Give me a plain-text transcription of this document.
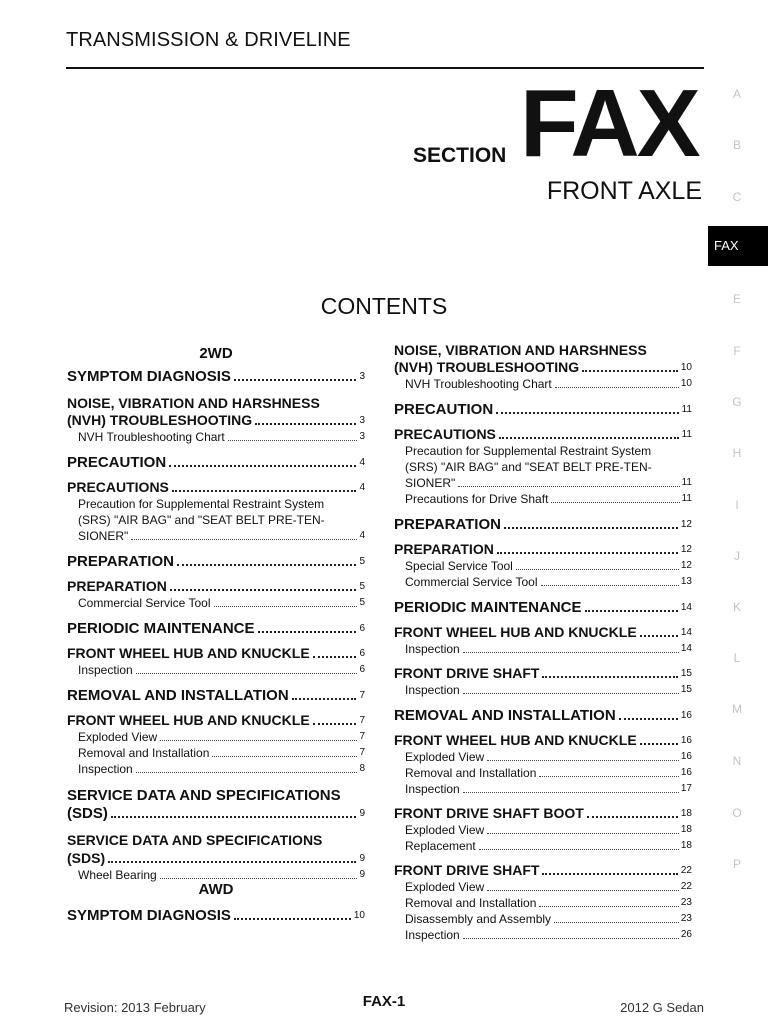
TRANSMISSION & DRIVELINE
SECTION FAX
FRONT AXLE
A
B
C
FAX
E
F
G
H
I
J
K
L
M
N
O
P
CONTENTS
2WD
SYMPTOM DIAGNOSIS	3
NOISE, VIBRATION AND HARSHNESS
(NVH) TROUBLESHOOTING	3
NVH Troubleshooting Chart	3
PRECAUTION	4
PRECAUTIONS	4
Precaution for Supplemental Restraint System
(SRS) "AIR BAG" and "SEAT BELT PRE-TEN-
SIONER"	4
PREPARATION	5
PREPARATION	5
Commercial Service Tool	5
PERIODIC MAINTENANCE	6
FRONT WHEEL HUB AND KNUCKLE	6
Inspection	6
REMOVAL AND INSTALLATION	7
FRONT WHEEL HUB AND KNUCKLE	7
Exploded View	7
Removal and Installation	7
Inspection	8
SERVICE DATA AND SPECIFICATIONS
(SDS)	9
SERVICE DATA AND SPECIFICATIONS
(SDS)	9
Wheel Bearing	9
AWD
SYMPTOM DIAGNOSIS	10
NOISE, VIBRATION AND HARSHNESS
(NVH) TROUBLESHOOTING	10
NVH Troubleshooting Chart	10
PRECAUTION	11
PRECAUTIONS	11
Precaution for Supplemental Restraint System
(SRS) "AIR BAG" and "SEAT BELT PRE-TEN-
SIONER"	11
Precautions for Drive Shaft	11
PREPARATION	12
PREPARATION	12
Special Service Tool	12
Commercial Service Tool	13
PERIODIC MAINTENANCE	14
FRONT WHEEL HUB AND KNUCKLE	14
Inspection	14
FRONT DRIVE SHAFT	15
Inspection	15
REMOVAL AND INSTALLATION	16
FRONT WHEEL HUB AND KNUCKLE	16
Exploded View	16
Removal and Installation	16
Inspection	17
FRONT DRIVE SHAFT BOOT	18
Exploded View	18
Replacement	18
FRONT DRIVE SHAFT	22
Exploded View	22
Removal and Installation	23
Disassembly and Assembly	23
Inspection	26
Revision: 2013 February	FAX-1	2012 G Sedan
